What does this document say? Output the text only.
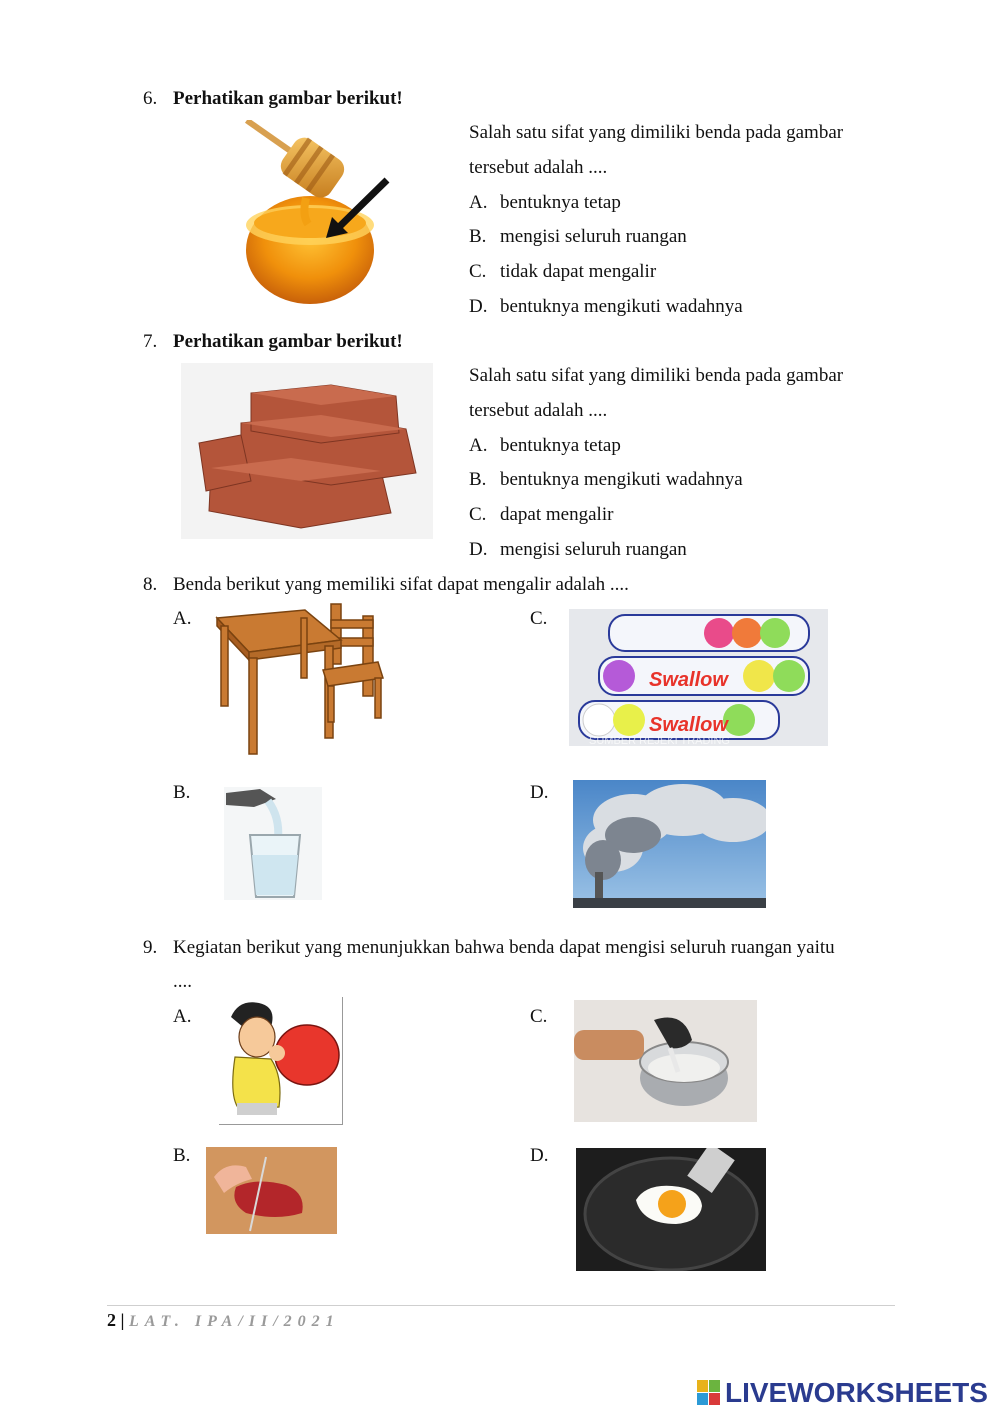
6. Perhatikan gambar berikut!
Salah satu sifat yang dimiliki benda pada gambar
tersebut adalah ....
A. bentuknya tetap
B. mengisi seluruh ruangan
C. tidak dapat mengalir
D. bentuknya mengikuti wadahnya
7. Perhatikan gambar berikut!
Salah satu sifat yang dimiliki benda pada gambar
tersebut adalah ....
A. bentuknya tetap
B. bentuknya mengikuti wadahnya
C. dapat mengalir
D. mengisi seluruh ruangan
8. Benda berikut yang memiliki sifat dapat mengalir adalah ....
A.	C.
Swallow
Swallow
SUMBER REJEKI TRADING
B.	D.
9. Kegiatan berikut yang menunjukkan bahwa benda dapat mengisi seluruh ruangan yaitu
....
A.	C.
B.	D.
2 | LAT. IPA/II/2021
LIVEWORKSHEETS
